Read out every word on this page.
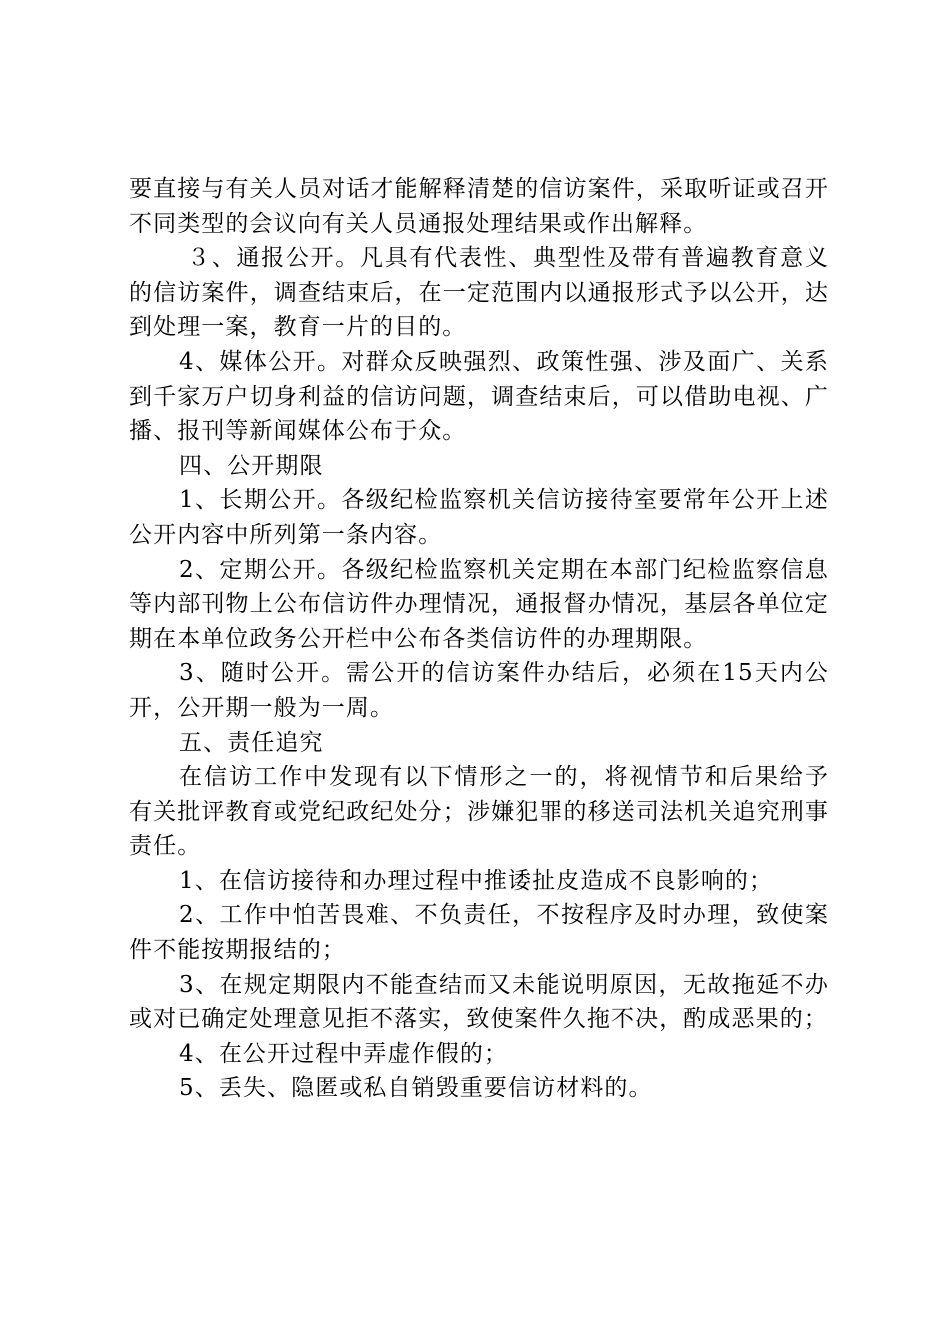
要直接与有关人员对话才能解释清楚的信访案件，采取听证或召开不同类型的会议向有关人员通报处理结果或作出解释。

３、通报公开。凡具有代表性、典型性及带有普遍教育意义的信访案件，调查结束后，在一定范围内以通报形式予以公开，达到处理一案，教育一片的目的。

4、媒体公开。对群众反映强烈、政策性强、涉及面广、关系到千家万户切身利益的信访问题，调查结束后，可以借助电视、广播、报刊等新闻媒体公布于众。

四、公开期限

1、长期公开。各级纪检监察机关信访接待室要常年公开上述公开内容中所列第一条内容。

2、定期公开。各级纪检监察机关定期在本部门纪检监察信息等内部刊物上公布信访件办理情况，通报督办情况，基层各单位定期在本单位政务公开栏中公布各类信访件的办理期限。

3、随时公开。需公开的信访案件办结后，必须在15天内公开，公开期一般为一周。

五、责任追究

在信访工作中发现有以下情形之一的，将视情节和后果给予有关批评教育或党纪政纪处分；涉嫌犯罪的移送司法机关追究刑事责任。

1、在信访接待和办理过程中推诿扯皮造成不良影响的；

2、工作中怕苦畏难、不负责任，不按程序及时办理，致使案件不能按期报结的；

3、在规定期限内不能查结而又未能说明原因，无故拖延不办或对已确定处理意见拒不落实，致使案件久拖不决，酌成恶果的；

4、在公开过程中弄虚作假的；

5、丢失、隐匿或私自销毁重要信访材料的。
